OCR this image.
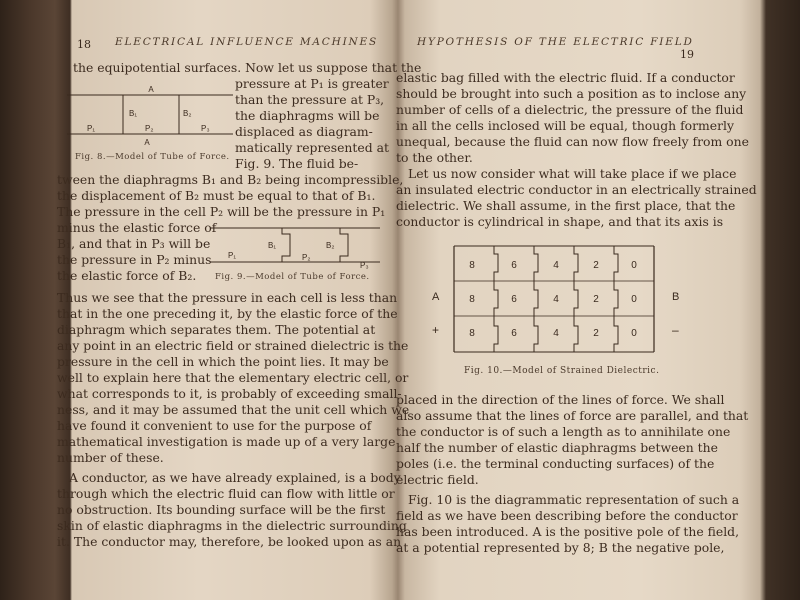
18 ELECTRICAL INFLUENCE MACHINES
the equipotential surfaces. Now let us suppose that the
pressure at P₁ is greater
than the pressure at P₃,
the diaphragms will be
displaced as diagram-
matically represented at
Fig. 9. The fluid be-
tween the diaphragms B₁ and B₂ being incompressible,
the displacement of B₂ must be equal to that of B₁.
The pressure in the cell P₂ will be the pressure in P₁
minus the elastic force of
B₁, and that in P₃ will be
the pressure in P₂ minus
the elastic force of B₂.
Thus we see that the pressure in each cell is less than
that in the one preceding it, by the elastic force of the
diaphragm which separates them. The potential at
any point in an electric field or strained dielectric is the
pressure in the cell in which the point lies. It may be
well to explain here that the elementary electric cell, or
what corresponds to it, is probably of exceeding small-
ness, and it may be assumed that the unit cell which we
have found it convenient to use for the purpose of
mathematical investigation is made up of a very large
number of these.
A conductor, as we have already explained, is a body
through which the electric fluid can flow with little or
no obstruction. Its bounding surface will be the first
skin of elastic diaphragms in the dielectric surrounding
it. The conductor may, therefore, be looked upon as an
A
B₁	B₂
P₁	P₂	P₃
A
Fig. 8.—Model of Tube of Force.
B₁	B₂
P₁	P₂
P₃
Fig. 9.—Model of Tube of Force.
HYPOTHESIS OF THE ELECTRIC FIELD
19
elastic bag filled with the electric fluid. If a conductor
should be brought into such a position as to inclose any
number of cells of a dielectric, the pressure of the fluid
in all the cells inclosed will be equal, though formerly
unequal, because the fluid can now flow freely from one
to the other.
Let us now consider what will take place if we place
an insulated electric conductor in an electrically strained
dielectric. We shall assume, in the first place, that the
conductor is cylindrical in shape, and that its axis is
A
+
B
–
8	6	4	2	0
8	6	4	2	0
8	6	4	2	0
Fig. 10.—Model of Strained Dielectric.
placed in the direction of the lines of force. We shall
also assume that the lines of force are parallel, and that
the conductor is of such a length as to annihilate one
half the number of elastic diaphragms between the
poles (i.e. the terminal conducting surfaces) of the
electric field.
Fig. 10 is the diagrammatic representation of such a
field as we have been describing before the conductor
has been introduced. A is the positive pole of the field,
at a potential represented by 8; B the negative pole,
